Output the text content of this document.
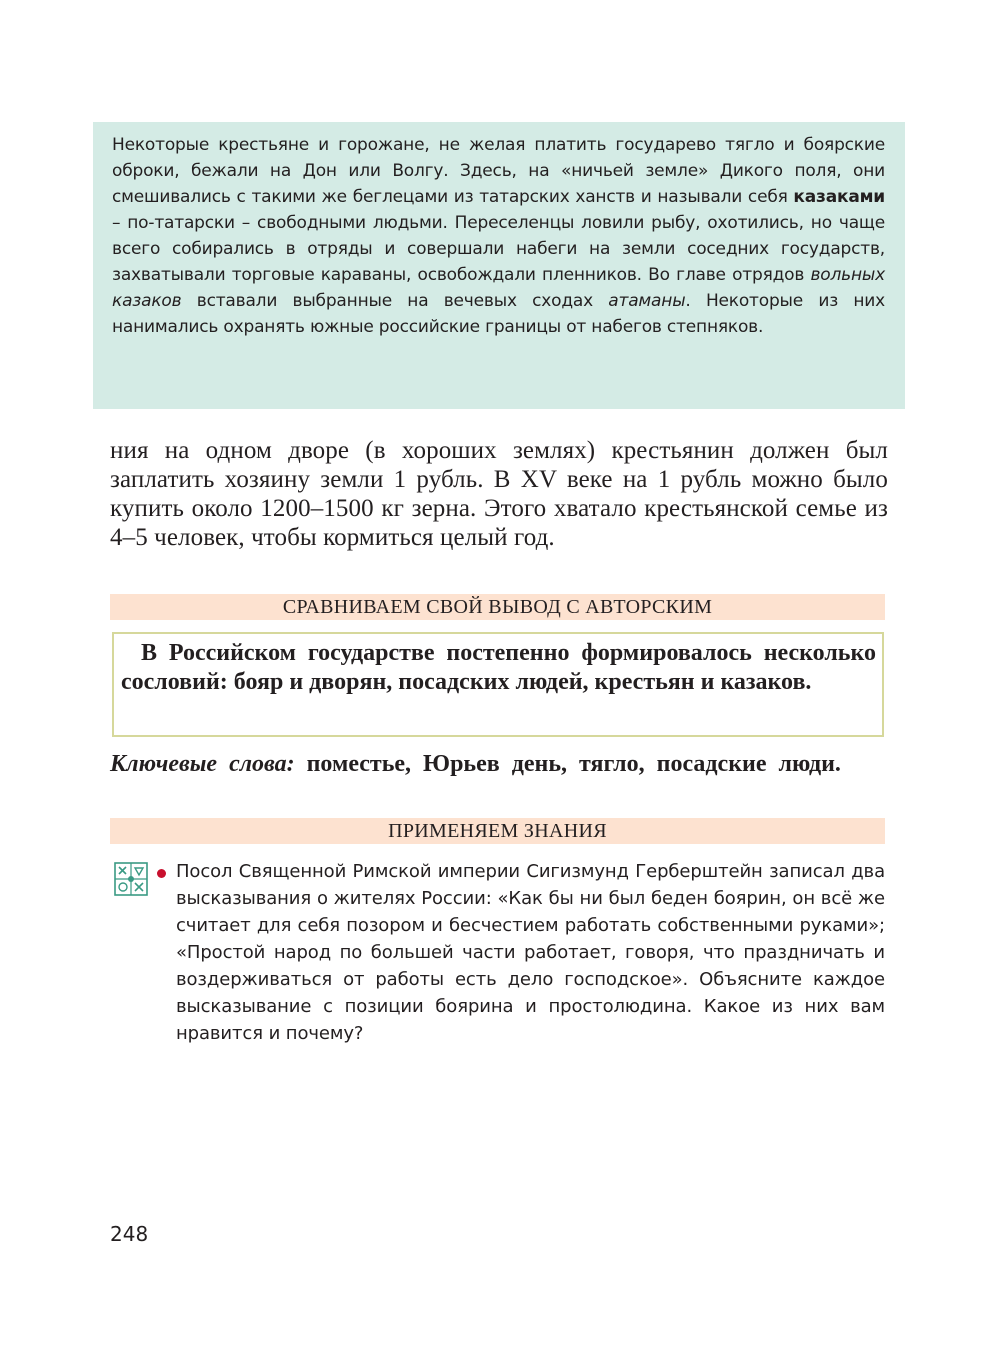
Некоторые крестьяне и горожане, не желая платить государево тягло и боярские оброки, бежали на Дон или Волгу. Здесь, на «ничьей земле» Дикого поля, они смешивались с такими же беглецами из татарских ханств и называли себя казаками – по-татарски – свободными людьми. Переселенцы ловили рыбу, охотились, но чаще всего собирались в отряды и совершали набеги на земли соседних государств, захватывали торговые караваны, освобождали пленников. Во главе отрядов вольных казаков вставали выбранные на вечевых сходах атаманы. Некоторые из них нанимались охранять южные российские границы от набегов степняков.

ния на одном дворе (в хороших землях) крестьянин должен был заплатить хозяину земли 1 рубль. В XV веке на 1 рубль можно было купить около 1200–1500 кг зерна. Этого хватало крестьянской семье из 4–5 человек, чтобы кормиться целый год.

СРАВНИВАЕМ СВОЙ ВЫВОД С АВТОРСКИМ

В Российском государстве постепенно формировалось несколько сословий: бояр и дворян, посадских людей, крестьян и казаков.

Ключевые слова: поместье, Юрьев день, тягло, посадские люди.

ПРИМЕНЯЕМ ЗНАНИЯ

Посол Священной Римской империи Сигизмунд Герберштейн записал два высказывания о жителях России: «Как бы ни был беден боярин, он всё же считает для себя позором и бесчестием работать собственными руками»; «Простой народ по большей части работает, говоря, что праздничать и воздерживаться от работы есть дело господское». Объясните каждое высказывание с позиции боярина и простолюдина. Какое из них вам нравится и почему?

248
